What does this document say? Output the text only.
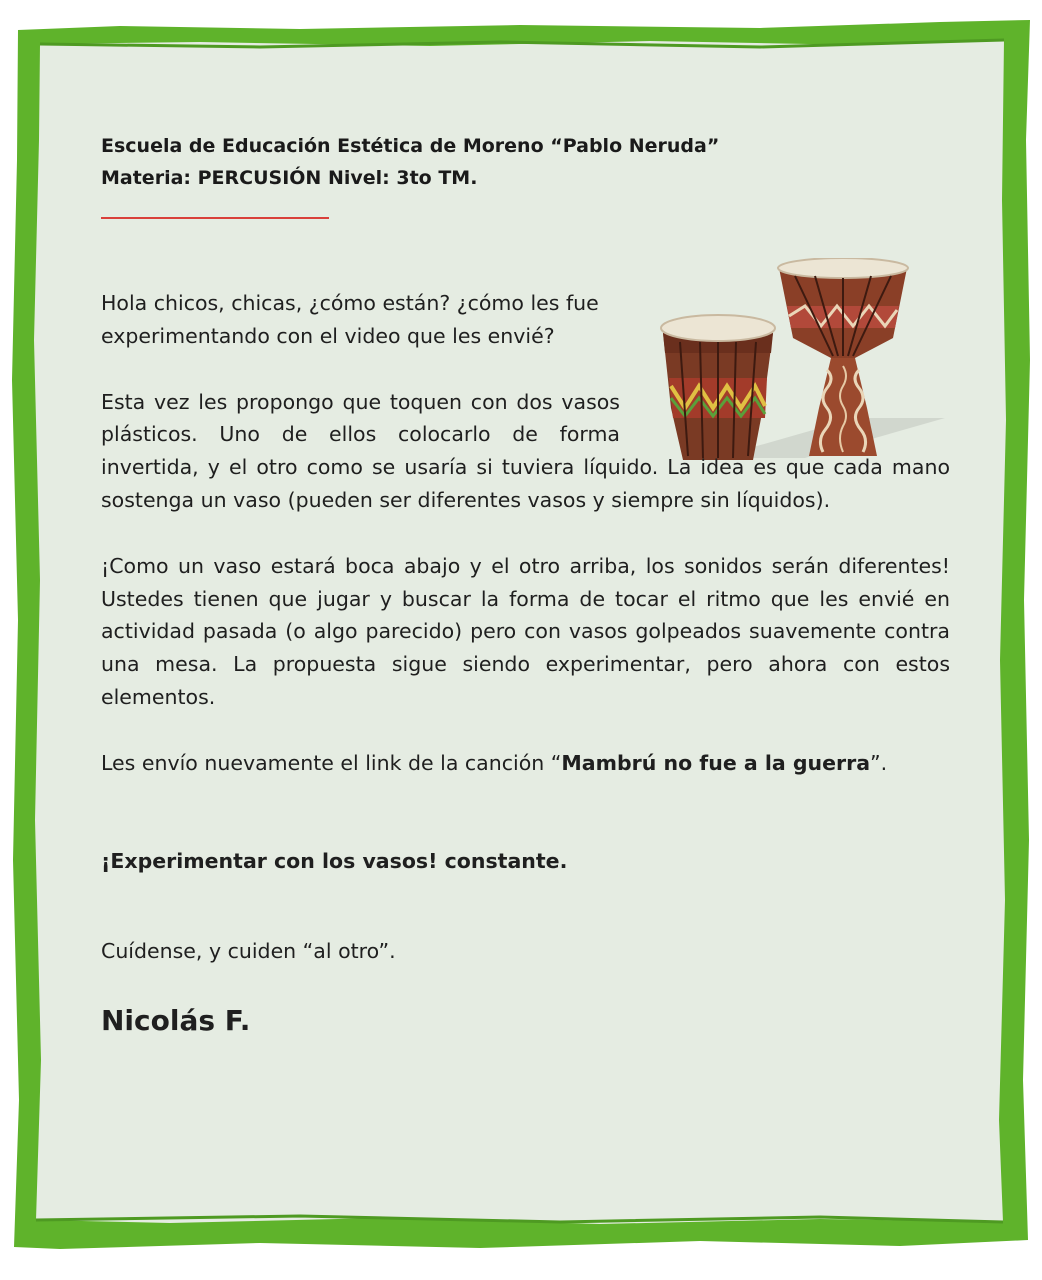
Escuela de Educación Estética de Moreno “Pablo Neruda”

Materia: PERCUSIÓN Nivel: 3to TM.

Hola chicos, chicas, ¿cómo están? ¿cómo les fue experimentando con el video que les envié?

Esta vez les propongo que toquen con dos vasos plásticos. Uno de ellos colocarlo de forma invertida, y el otro como se usaría si tuviera líquido. La idea es que cada mano sostenga un vaso (pueden ser diferentes vasos y siempre sin líquidos).

¡Como un vaso estará boca abajo y el otro arriba, los sonidos serán diferentes! Ustedes tienen que jugar y buscar la forma de tocar el ritmo que les envié en actividad pasada (o algo parecido) pero con vasos golpeados suavemente contra una mesa. La propuesta sigue siendo experimentar, pero ahora con estos elementos.

Les envío nuevamente el link de la canción “Mambrú no fue a la guerra”.

¡Experimentar con los vasos! constante.

Cuídense, y cuiden “al otro”.

Nicolás F.
